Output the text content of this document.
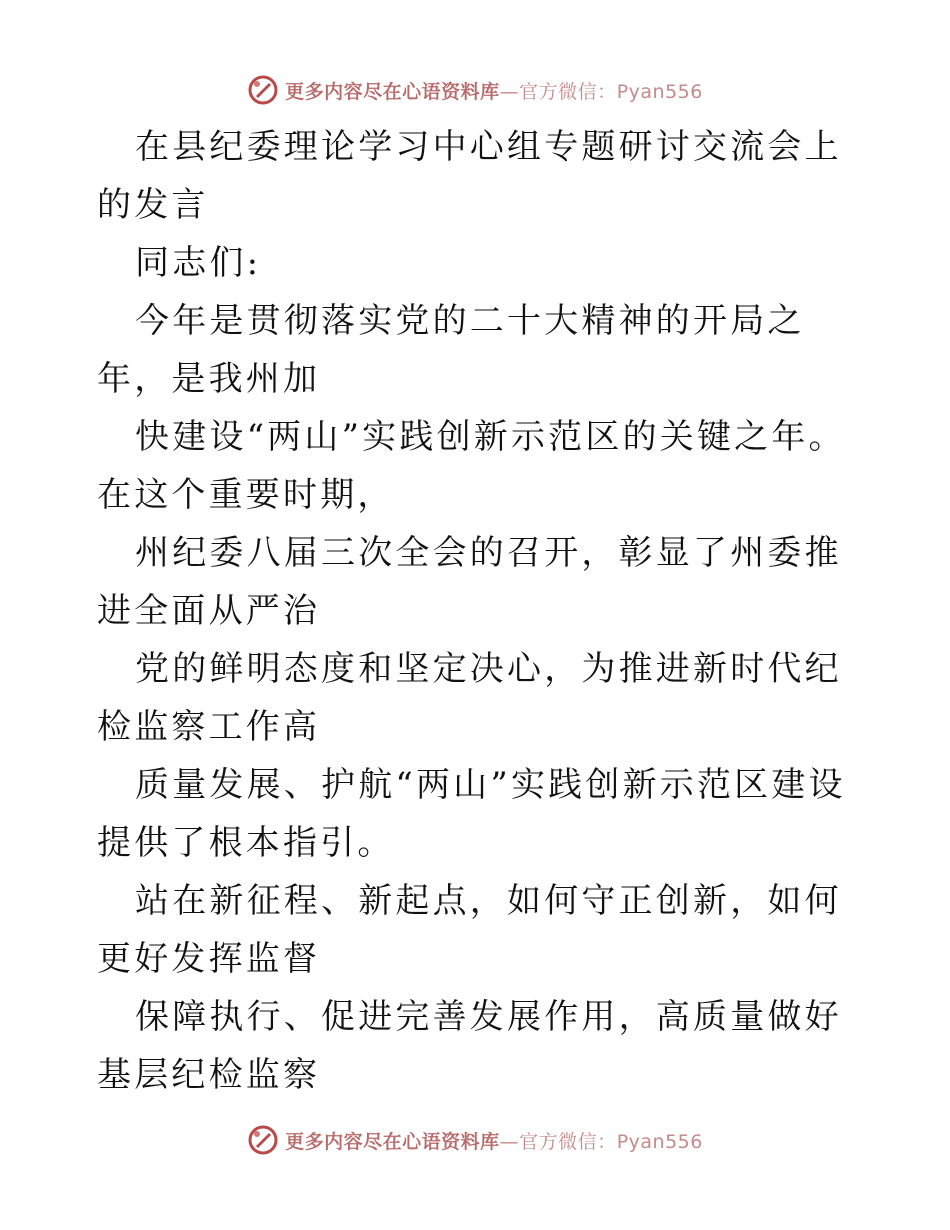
更多内容尽在心语资料库—官方微信：Pyan556

在县纪委理论学习中心组专题研讨交流会上的发言

同志们:

今年是贯彻落实党的二十大精神的开局之年，是我州加

快建设“两山”实践创新示范区的关键之年。在这个重要时期，

州纪委八届三次全会的召开，彰显了州委推进全面从严治

党的鲜明态度和坚定决心，为推进新时代纪检监察工作高

质量发展、护航“两山”实践创新示范区建设提供了根本指引。

站在新征程、新起点，如何守正创新，如何更好发挥监督

保障执行、促进完善发展作用，高质量做好基层纪检监察

更多内容尽在心语资料库—官方微信：Pyan556
